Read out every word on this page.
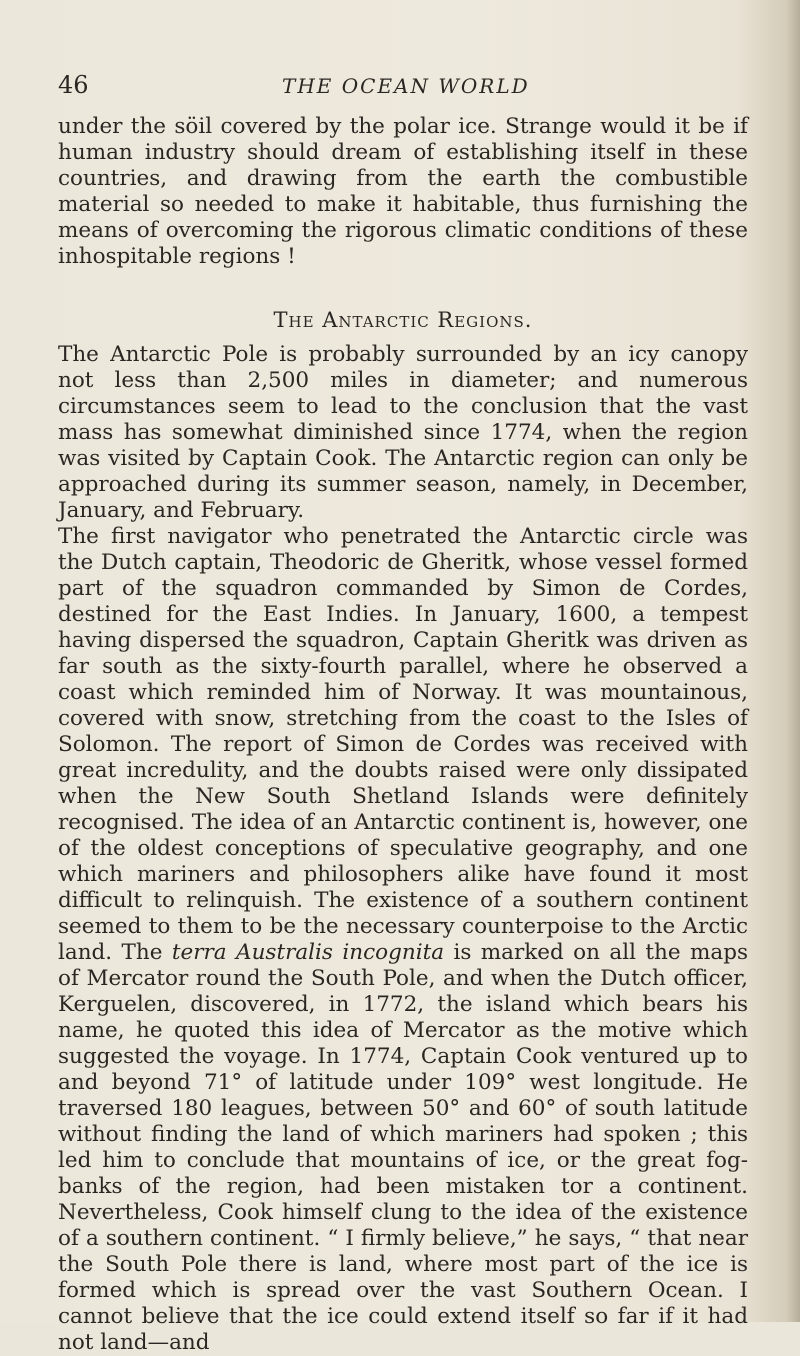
46	THE OCEAN WORLD

under the söil covered by the polar ice. Strange would it be if human industry should dream of establishing itself in these countries, and drawing from the earth the combustible material so needed to make it habitable, thus furnishing the means of overcoming the rigorous climatic conditions of these inhospitable regions !

The Antarctic Regions.

The Antarctic Pole is probably surrounded by an icy canopy not less than 2,500 miles in diameter; and numerous circumstances seem to lead to the conclusion that the vast mass has somewhat diminished since 1774, when the region was visited by Captain Cook. The Antarctic region can only be approached during its summer season, namely, in December, January, and February.

The first navigator who penetrated the Antarctic circle was the Dutch captain, Theodoric de Gheritk, whose vessel formed part of the squadron commanded by Simon de Cordes, destined for the East Indies. In January, 1600, a tempest having dispersed the squadron, Captain Gheritk was driven as far south as the sixty-fourth parallel, where he observed a coast which reminded him of Norway. It was mountainous, covered with snow, stretching from the coast to the Isles of Solomon. The report of Simon de Cordes was received with great incredulity, and the doubts raised were only dissipated when the New South Shetland Islands were definitely recognised. The idea of an Antarctic continent is, however, one of the oldest conceptions of speculative geography, and one which mariners and philosophers alike have found it most difficult to relinquish. The existence of a southern continent seemed to them to be the necessary counterpoise to the Arctic land. The terra Australis incognita is marked on all the maps of Mercator round the South Pole, and when the Dutch officer, Kerguelen, discovered, in 1772, the island which bears his name, he quoted this idea of Mercator as the motive which suggested the voyage. In 1774, Captain Cook ventured up to and beyond 71° of latitude under 109° west longitude. He traversed 180 leagues, between 50° and 60° of south latitude without finding the land of which mariners had spoken ; this led him to conclude that mountains of ice, or the great fog-banks of the region, had been mistaken tor a continent. Nevertheless, Cook himself clung to the idea of the existence of a southern continent. “ I firmly believe,” he says, “ that near the South Pole there is land, where most part of the ice is formed which is spread over the vast Southern Ocean. I cannot believe that the ice could extend itself so far if it had not land—and
